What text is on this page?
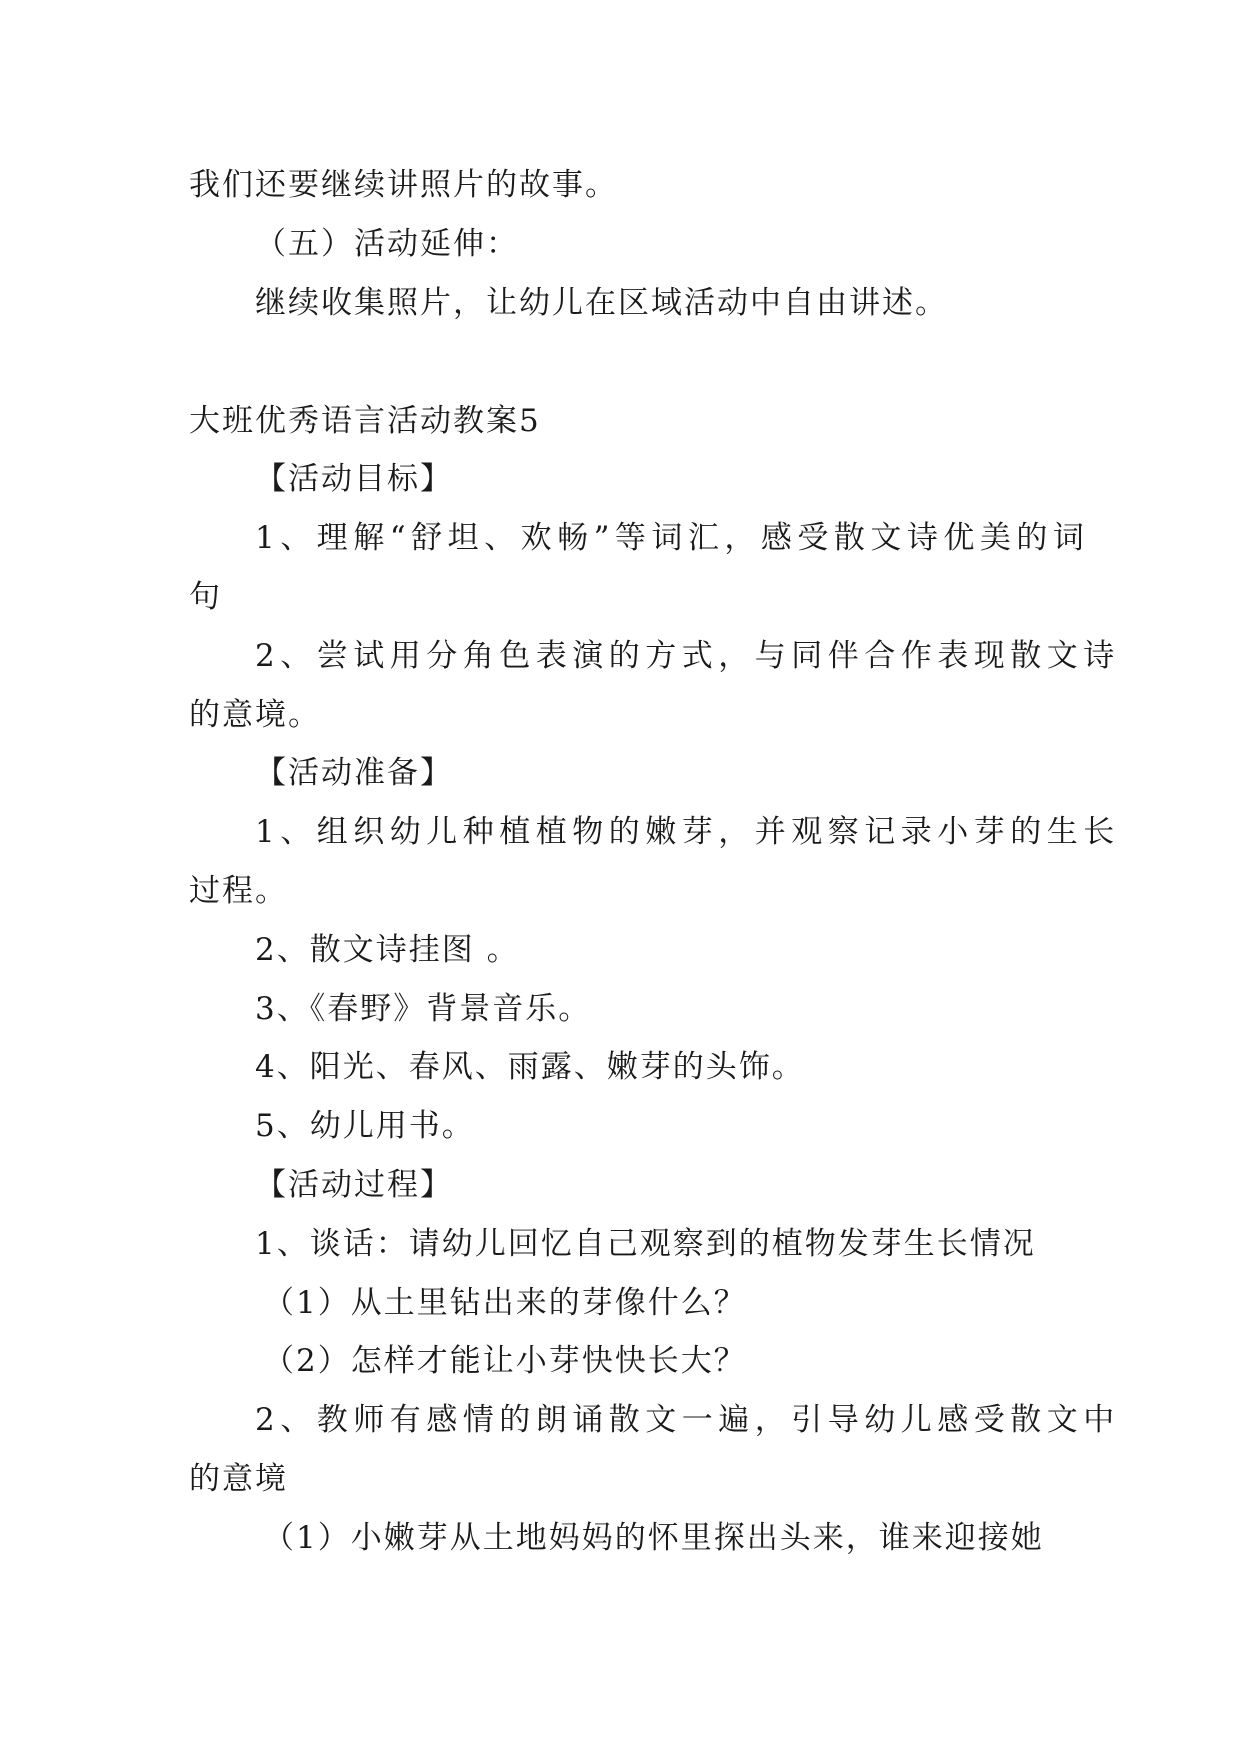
我们还要继续讲照片的故事。
（五）活动延伸：
继续收集照片，让幼儿在区域活动中自由讲述。
大班优秀语言活动教案5
【活动目标】
1、理解“舒坦、欢畅”等词汇，感受散文诗优美的词
句
2、尝试用分角色表演的方式，与同伴合作表现散文诗
的意境。
【活动准备】
1、组织幼儿种植植物的嫩芽，并观察记录小芽的生长
过程。
2、散文诗挂图 。
3、《春野》背景音乐。
4、阳光、春风、雨露、嫩芽的头饰。
5、幼儿用书。
【活动过程】
1、谈话：请幼儿回忆自己观察到的植物发芽生长情况
（1）从土里钻出来的芽像什么？
（2）怎样才能让小芽快快长大？
2、教师有感情的朗诵散文一遍，引导幼儿感受散文中
的意境
（1）小嫩芽从土地妈妈的怀里探出头来，谁来迎接她
